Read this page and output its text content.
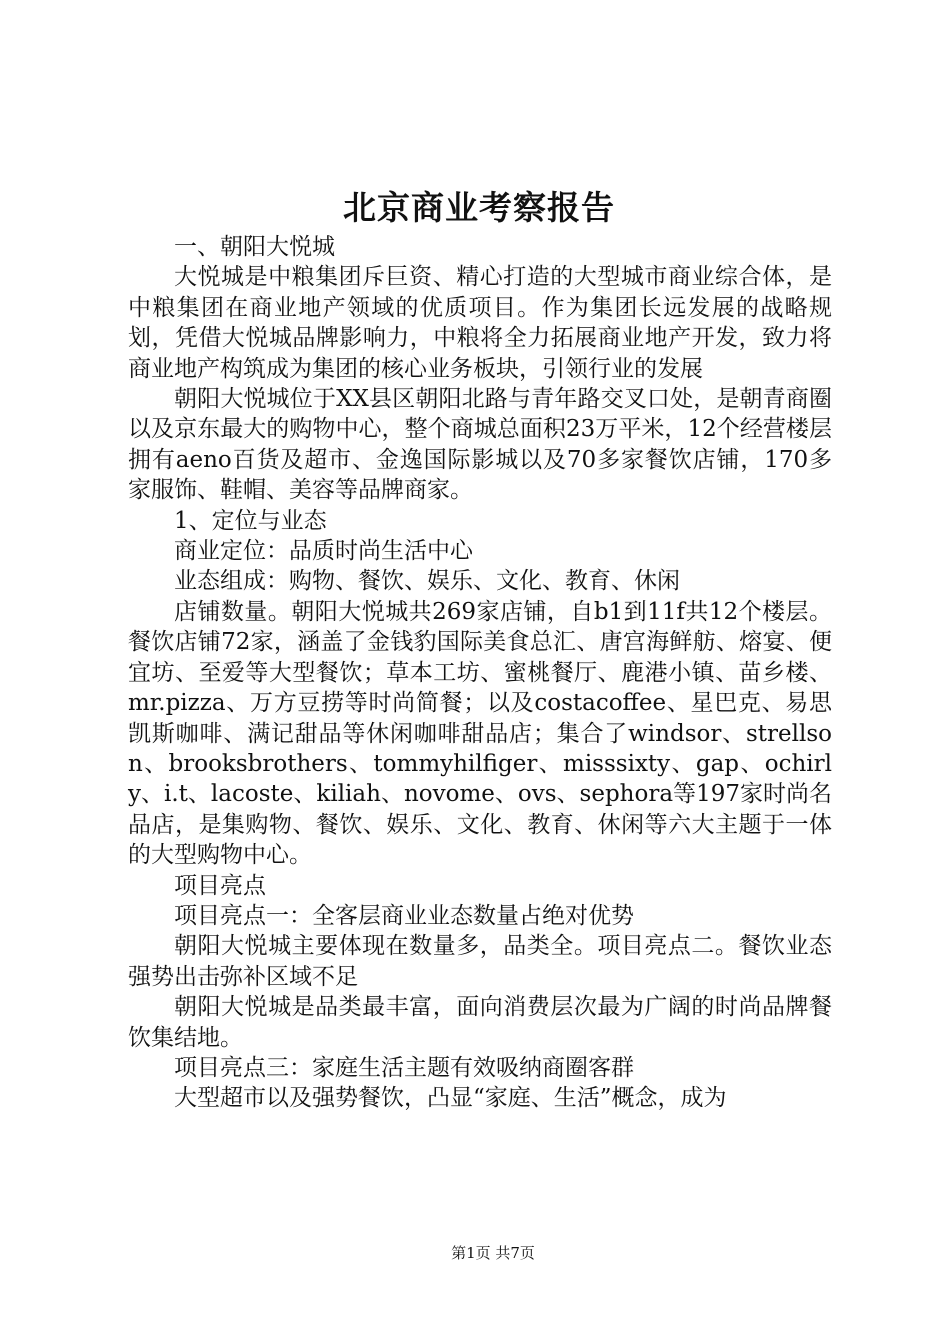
北京商业考察报告

一、朝阳大悦城

大悦城是中粮集团斥巨资、精心打造的大型城市商业综合体，是中粮集团在商业地产领域的优质项目。作为集团长远发展的战略规划，凭借大悦城品牌影响力，中粮将全力拓展商业地产开发，致力将商业地产构筑成为集团的核心业务板块，引领行业的发展

朝阳大悦城位于XX县区朝阳北路与青年路交叉口处，是朝青商圈以及京东最大的购物中心，整个商城总面积23万平米，12个经营楼层拥有aeno百货及超市、金逸国际影城以及70多家餐饮店铺，170多家服饰、鞋帽、美容等品牌商家。

1、定位与业态

商业定位：品质时尚生活中心

业态组成：购物、餐饮、娱乐、文化、教育、休闲

店铺数量。朝阳大悦城共269家店铺，自b1到11f共12个楼层。餐饮店铺72家，涵盖了金钱豹国际美食总汇、唐宫海鲜舫、熔宴、便宜坊、至爱等大型餐饮；草本工坊、蜜桃餐厅、鹿港小镇、苗乡楼、mr.pizza、万方豆捞等时尚简餐；以及costacoffee、星巴克、易思凯斯咖啡、满记甜品等休闲咖啡甜品店；集合了windsor、strellson、brooksbrothers、tommyhilfiger、misssixty、gap、ochirly、i.t、lacoste、kiliah、novome、ovs、sephora等197家时尚名品店，是集购物、餐饮、娱乐、文化、教育、休闲等六大主题于一体的大型购物中心。

项目亮点

项目亮点一：全客层商业业态数量占绝对优势

朝阳大悦城主要体现在数量多，品类全。项目亮点二。餐饮业态强势出击弥补区域不足

朝阳大悦城是品类最丰富，面向消费层次最为广阔的时尚品牌餐饮集结地。

项目亮点三：家庭生活主题有效吸纳商圈客群

大型超市以及强势餐饮，凸显“家庭、生活”概念，成为

第1页 共7页
